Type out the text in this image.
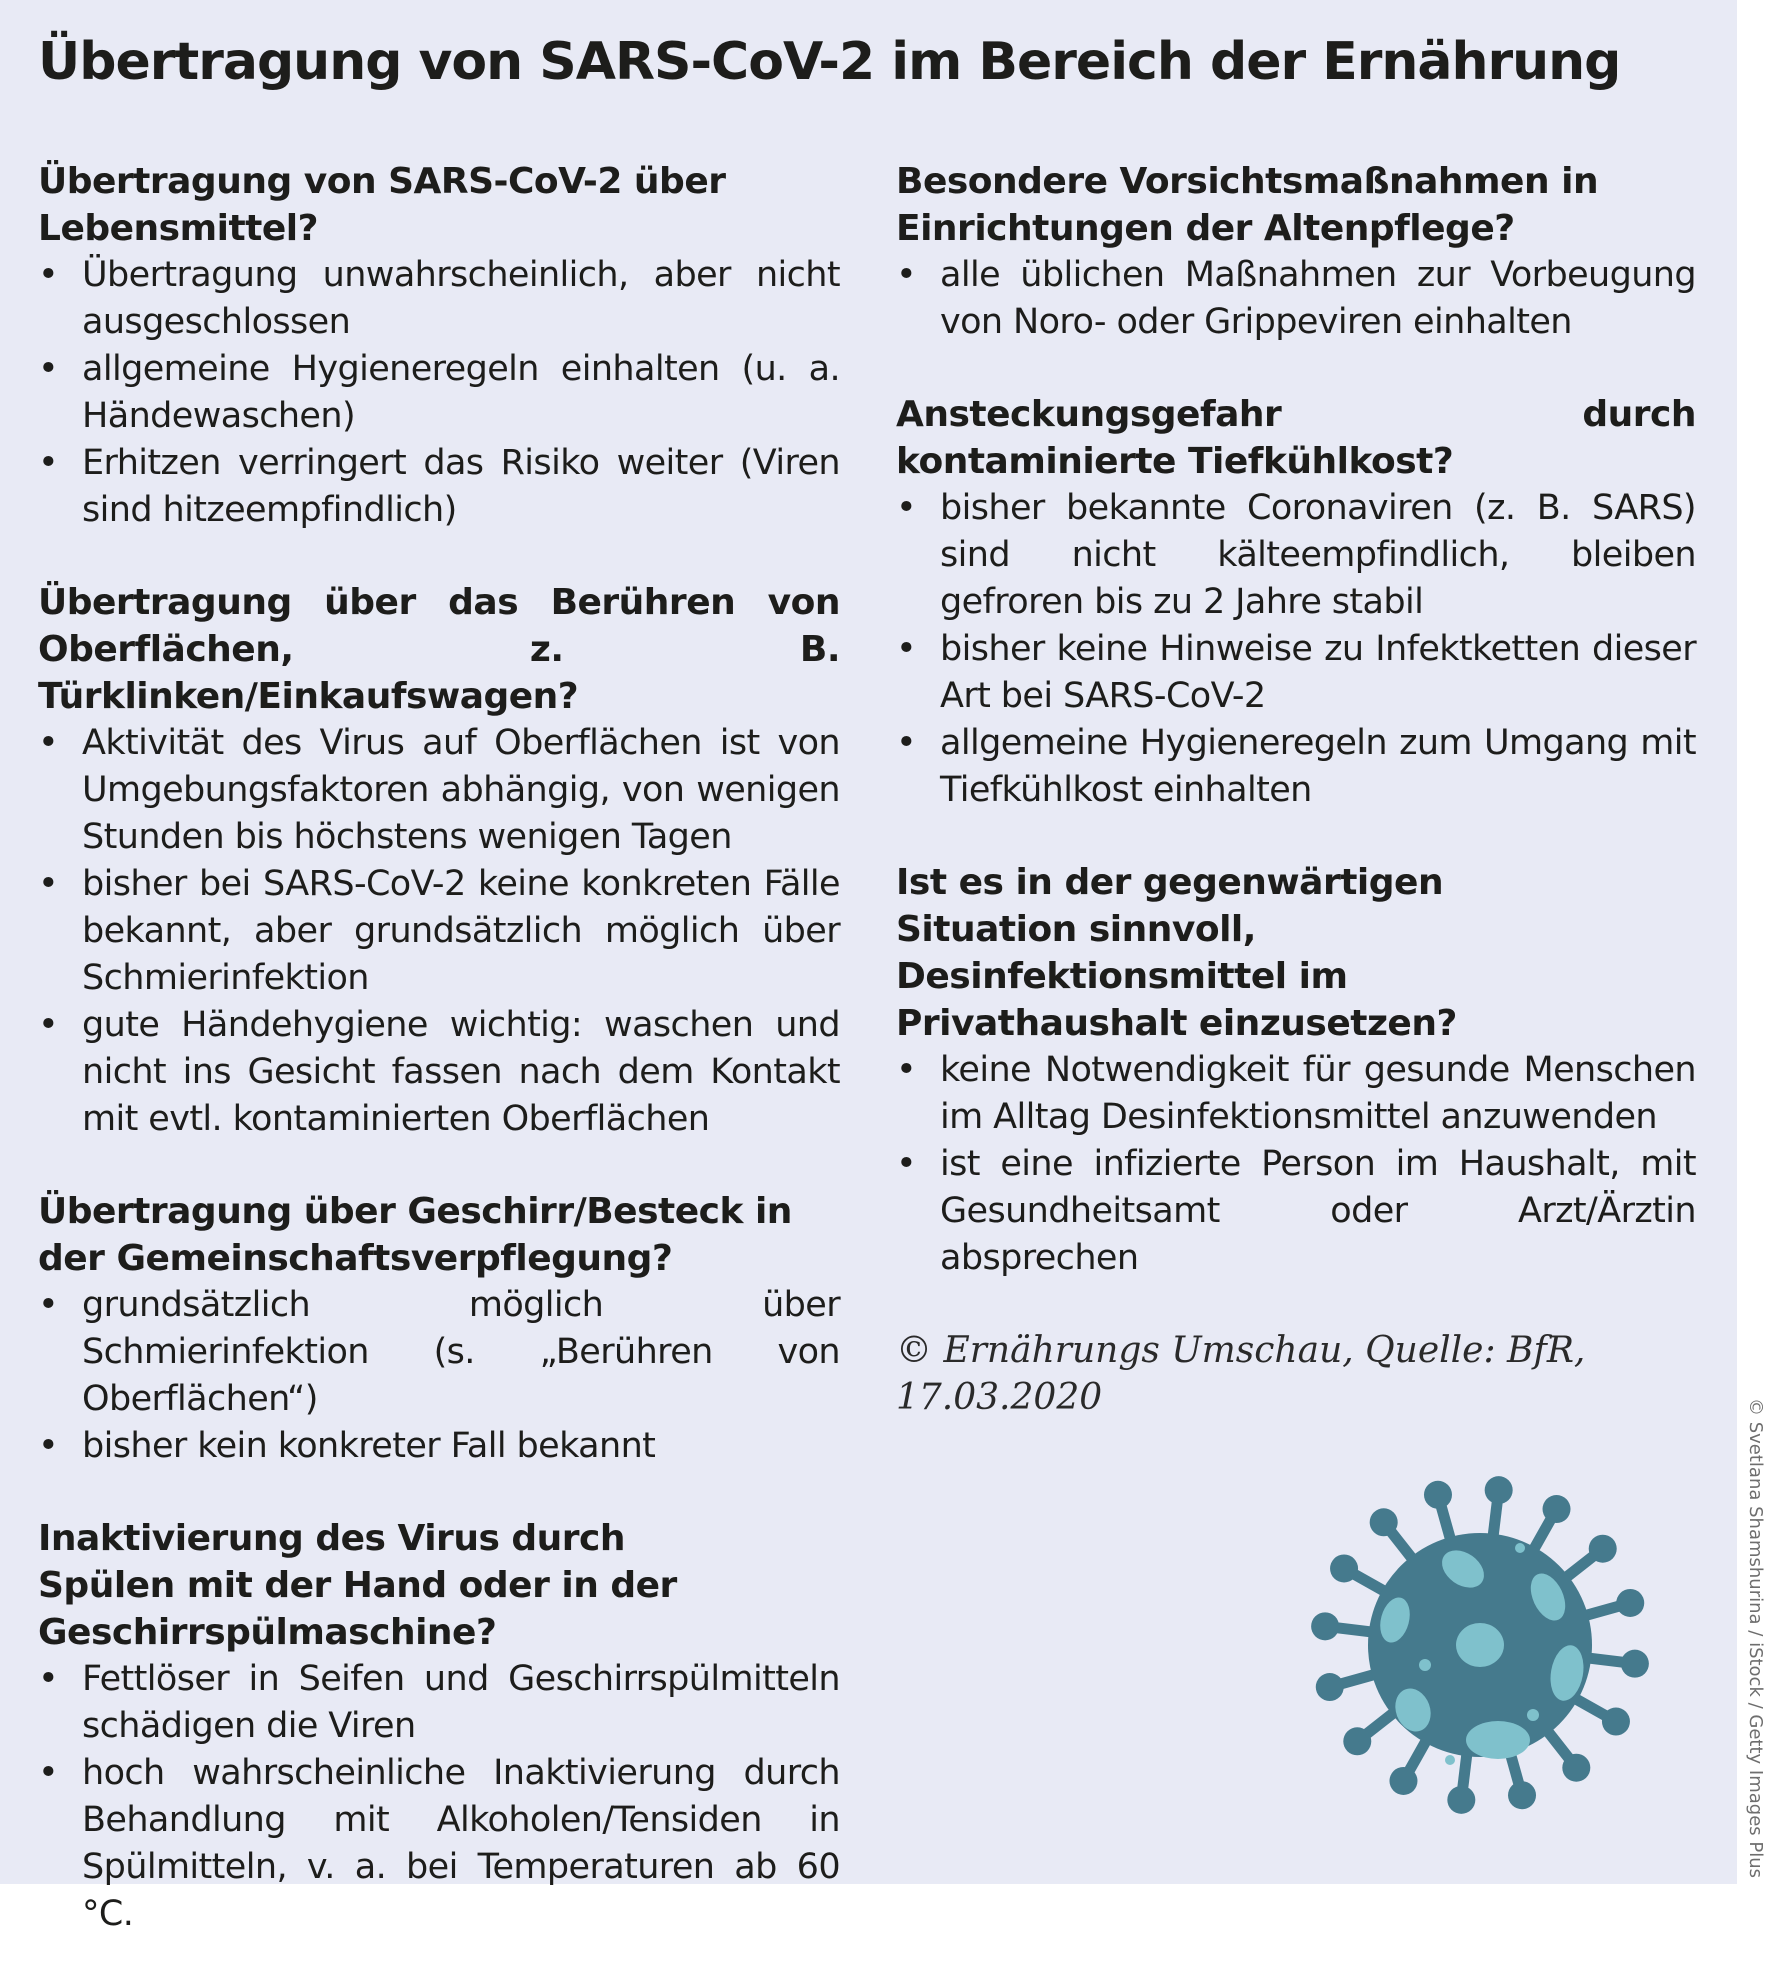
Übertragung von SARS-CoV-2 im Bereich der Ernährung
Übertragung von SARS-CoV-2 über Lebensmittel?
• Übertragung unwahrscheinlich, aber nicht ausgeschlossen
• allgemeine Hygieneregeln einhalten (u. a. Händewaschen)
• Erhitzen verringert das Risiko weiter (Viren sind hitzeempfindlich)
Übertragung über das Berühren von Oberflächen, z. B. Türklinken/Einkaufswagen?
• Aktivität des Virus auf Oberflächen ist von Umgebungsfaktoren abhängig, von wenigen Stunden bis höchstens wenigen Tagen
• bisher bei SARS-CoV-2 keine konkreten Fälle bekannt, aber grundsätzlich möglich über Schmierinfektion
• gute Händehygiene wichtig: waschen und nicht ins Gesicht fassen nach dem Kontakt mit evtl. kontaminierten Oberflächen
Übertragung über Geschirr/Besteck in der Gemeinschaftsverpflegung?
• grundsätzlich möglich über Schmierinfektion (s. „Berühren von Oberflächen“)
• bisher kein konkreter Fall bekannt
Inaktivierung des Virus durch Spülen mit der Hand oder in der Geschirrspülmaschine?
• Fettlöser in Seifen und Geschirrspülmitteln schädigen die Viren
• hoch wahrscheinliche Inaktivierung durch Behandlung mit Alkoholen/Tensiden in Spülmitteln, v. a. bei Temperaturen ab 60 °C.
Besondere Vorsichtsmaßnahmen in Einrichtungen der Altenpflege?
• alle üblichen Maßnahmen zur Vorbeugung von Noro- oder Grippeviren einhalten
Ansteckungsgefahr durch kontaminierte Tiefkühlkost?
• bisher bekannte Coronaviren (z. B. SARS) sind nicht kälteempfindlich, bleiben gefroren bis zu 2 Jahre stabil
• bisher keine Hinweise zu Infektketten dieser Art bei SARS-CoV-2
• allgemeine Hygieneregeln zum Umgang mit Tiefkühlkost einhalten
Ist es in der gegenwärtigen Situation sinnvoll, Desinfektionsmittel im Privathaushalt einzusetzen?
• keine Notwendigkeit für gesunde Menschen im Alltag Desinfektionsmittel anzuwenden
• ist eine infizierte Person im Haushalt, mit Gesundheitsamt oder Arzt/Ärztin absprechen
© Ernährungs Umschau, Quelle: BfR,
17.03.2020
© Svetlana Shamshurina / iStock / Getty Images Plus
